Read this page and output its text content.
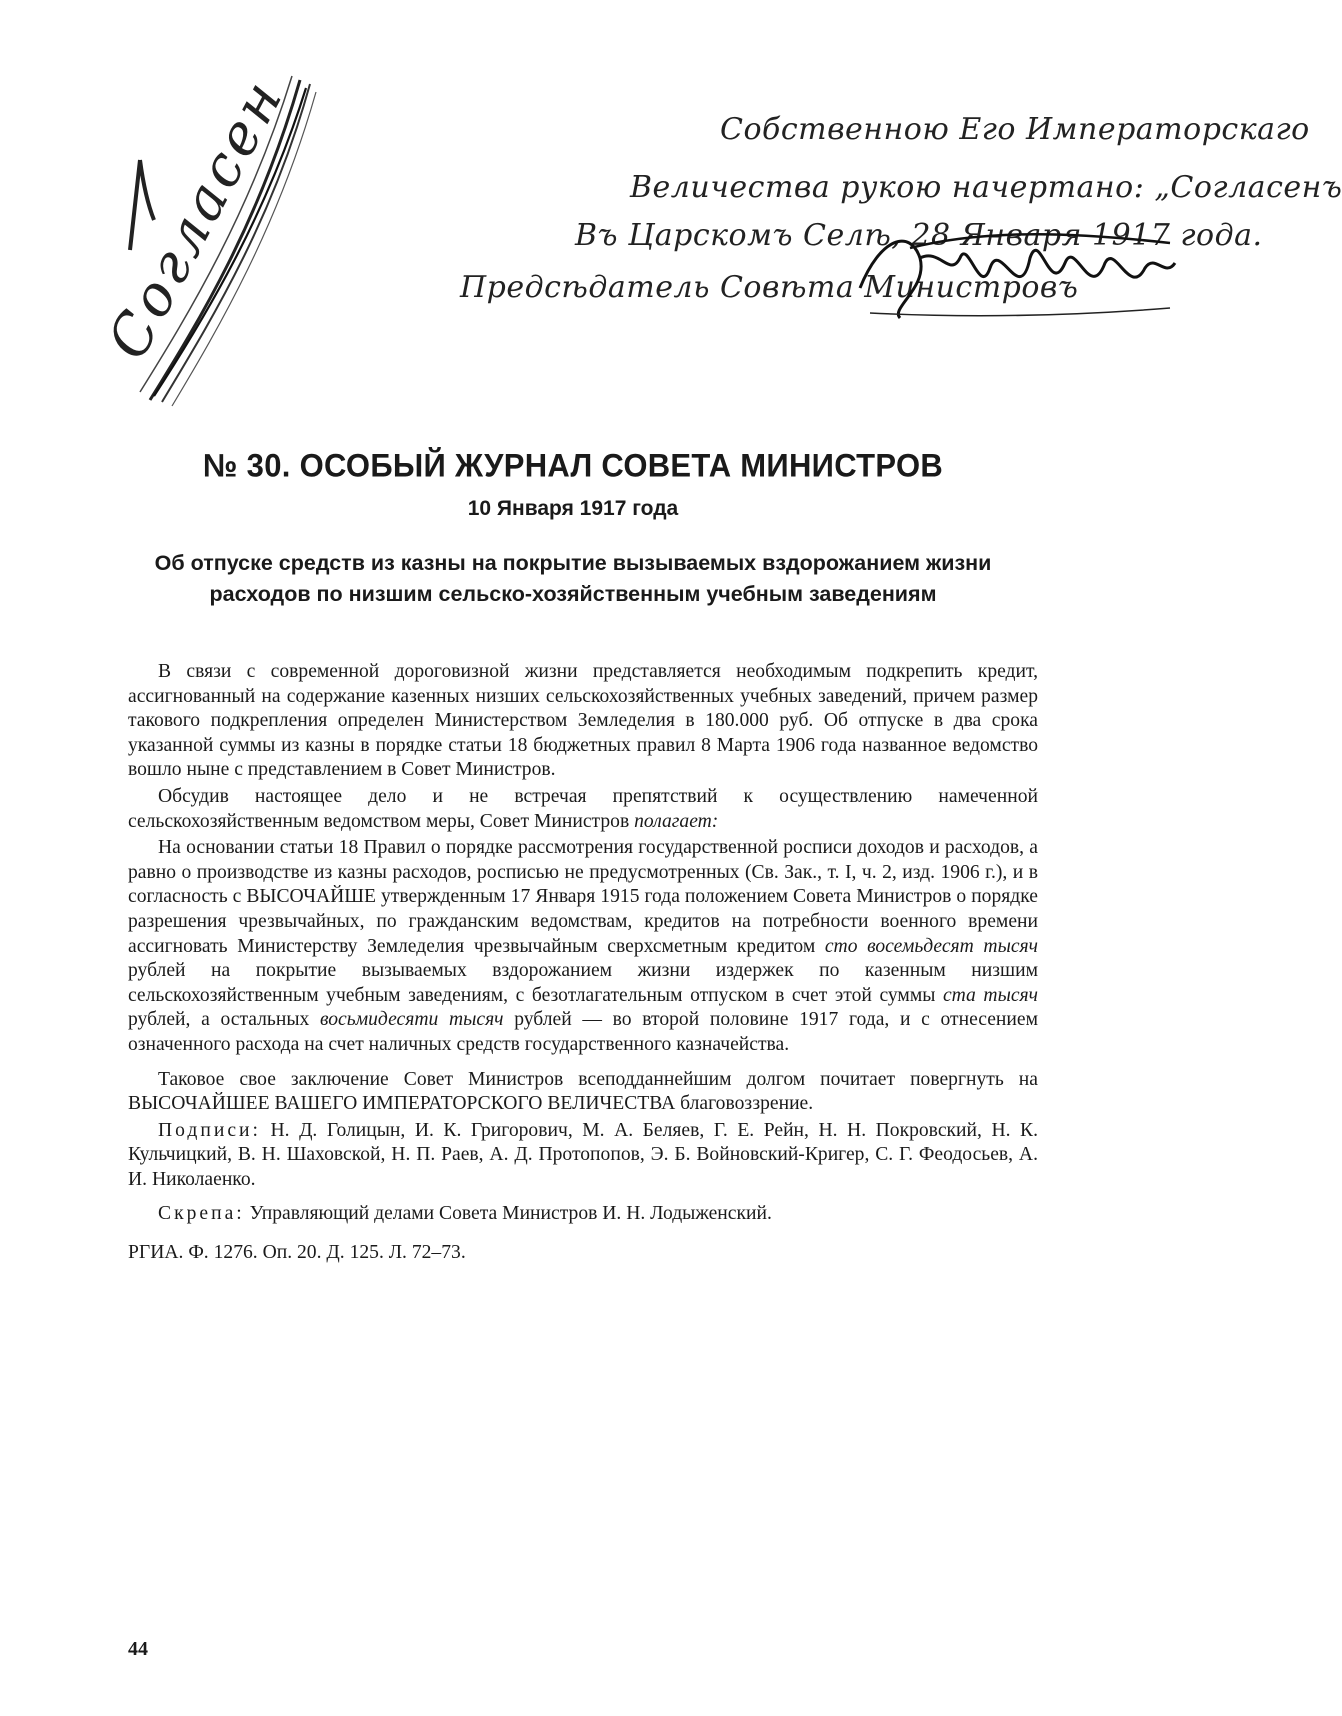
Согласен	Собственною Его Императорскаго
Величества рукою начертано: „Согласенъ
Въ Царскомъ Селѣ, 28 Января 1917 года.
Предсѣдатель Совѣта Министровъ
№ 30. ОСОБЫЙ ЖУРНАЛ СОВЕТА МИНИСТРОВ
10 Января 1917 года
Об отпуске средств из казны на покрытие вызываемых вздорожанием жизни расходов по низшим сельско-хозяйственным учебным заведениям

В связи с современной дороговизной жизни представляется необходимым подкрепить кредит, ассигнованный на содержание казенных низших сельскохозяйственных учебных заведений, причем размер такового подкрепления определен Министерством Земледелия в 180.000 руб. Об отпуске в два срока указанной суммы из казны в порядке статьи 18 бюджетных правил 8 Марта 1906 года названное ведомство вошло ныне с представлением в Совет Министров.

Обсудив настоящее дело и не встречая препятствий к осуществлению намеченной сельскохозяйственным ведомством меры, Совет Министров полагает:

На основании статьи 18 Правил о порядке рассмотрения государственной росписи доходов и расходов, а равно о производстве из казны расходов, росписью не предусмотренных (Св. Зак., т. I, ч. 2, изд. 1906 г.), и в согласность с ВЫСОЧАЙШЕ утвержденным 17 Января 1915 года положением Совета Министров о порядке разрешения чрезвычайных, по гражданским ведомствам, кредитов на потребности военного времени ассигновать Министерству Земледелия чрезвычайным сверхсметным кредитом сто восемьдесят тысяч рублей на покрытие вызываемых вздорожанием жизни издержек по казенным низшим сельскохозяйственным учебным заведениям, с безотлагательным отпуском в счет этой суммы ста тысяч рублей, а остальных восьмидесяти тысяч рублей — во второй половине 1917 года, и с отнесением означенного расхода на счет наличных средств государственного казначейства.

Таковое свое заключение Совет Министров всеподданнейшим долгом почитает повергнуть на ВЫСОЧАЙШЕЕ ВАШЕГО ИМПЕРАТОРСКОГО ВЕЛИЧЕСТВА благовоззрение.

Подписи: Н. Д. Голицын, И. К. Григорович, М. А. Беляев, Г. Е. Рейн, Н. Н. Покровский, Н. К. Кульчицкий, В. Н. Шаховской, Н. П. Раев, А. Д. Протопопов, Э. Б. Войновский-Кригер, С. Г. Феодосьев, А. И. Николаенко.

Скрепа: Управляющий делами Совета Министров И. Н. Лодыженский.

РГИА. Ф. 1276. Оп. 20. Д. 125. Л. 72–73.

44
